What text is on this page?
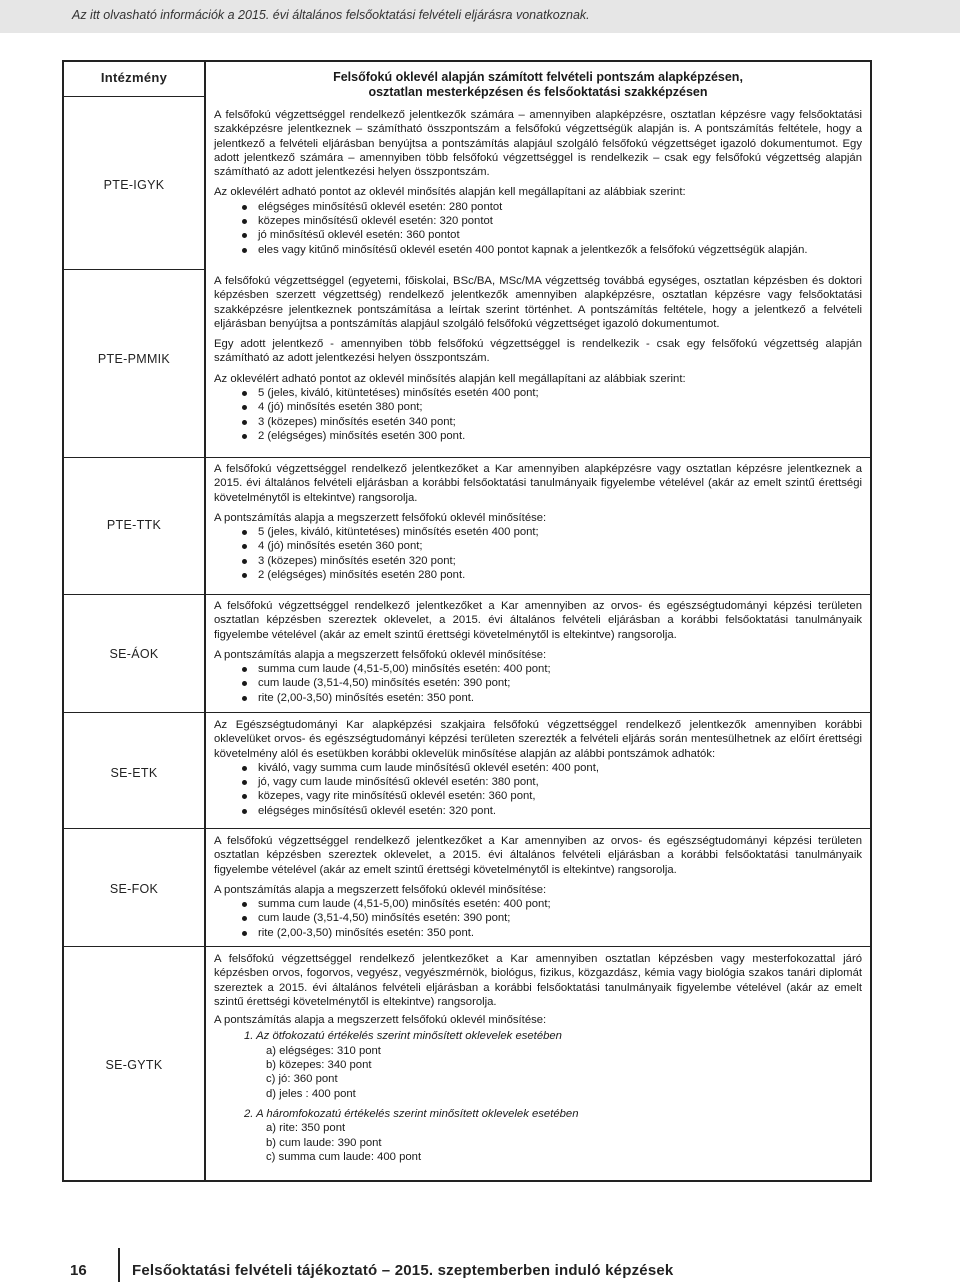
Az itt olvasható információk a 2015. évi általános felsőoktatási felvételi eljárásra vonatkoznak.
Intézmény	Felsőfokú oklevél alapján számított felvételi pontszám alapképzésen,
osztatlan mesterképzésen és felsőoktatási szakképzésen
PTE-IGYK

A felsőfokú végzettséggel rendelkező jelentkezők számára – amennyiben alapképzésre, osztatlan képzésre vagy felsőoktatási szakképzésre jelentkeznek – számítható összpontszám a felsőfokú végzettségük alapján is. A pontszámítás feltétele, hogy a jelentkező a felvételi eljárásban benyújtsa a pontszámítás alapjául szolgáló felsőfokú végzettséget igazoló dokumentumot. Egy adott jelentkező számára – amennyiben több felsőfokú végzettséggel is rendelkezik – csak egy felsőfokú végzettség alapján számítható az adott jelentkezési helyen összpontszám.

Az oklevélért adható pontot az oklevél minősítés alapján kell megállapítani az alábbiak szerint:

elégséges minősítésű oklevél esetén: 280 pontot
közepes minősítésű oklevél esetén: 320 pontot
jó minősítésű oklevél esetén: 360 pontot
eles vagy kitűnő minősítésű oklevél esetén 400 pontot kapnak a jelentkezők a felsőfokú végzettségük alapján.
PTE-PMMIK

A felsőfokú végzettséggel (egyetemi, főiskolai, BSc/BA, MSc/MA végzettség továbbá egységes, osztatlan képzésben és doktori képzésben szerzett végzettség) rendelkező jelentkezők amennyiben alapképzésre, osztatlan képzésre vagy felsőoktatási szakképzésre jelentkeznek pontszámítása a leírtak szerint történhet. A pontszámítás feltétele, hogy a jelentkező a felvételi eljárásban benyújtsa a pontszámítás alapjául szolgáló felsőfokú végzettséget igazoló dokumentumot.

Egy adott jelentkező - amennyiben több felsőfokú végzettséggel is rendelkezik - csak egy felsőfokú végzettség alapján számítható az adott jelentkezési helyen összpontszám.

Az oklevélért adható pontot az oklevél minősítés alapján kell megállapítani az alábbiak szerint:

5 (jeles, kiváló, kitüntetéses) minősítés esetén 400 pont;
4 (jó) minősítés esetén 380 pont;
3 (közepes) minősítés esetén 340 pont;
2 (elégséges) minősítés esetén 300 pont.
PTE-TTK

A felsőfokú végzettséggel rendelkező jelentkezőket a Kar amennyiben alapképzésre vagy osztatlan képzésre jelentkeznek a 2015. évi általános felvételi eljárásban a korábbi felsőoktatási tanulmányaik figyelembe vételével (akár az emelt szintű érettségi követelménytől is eltekintve) rangsorolja.

A pontszámítás alapja a megszerzett felsőfokú oklevél minősítése:

5 (jeles, kiváló, kitüntetéses) minősítés esetén 400 pont;
4 (jó) minősítés esetén 360 pont;
3 (közepes) minősítés esetén 320 pont;
2 (elégséges) minősítés esetén 280 pont.
SE-ÁOK

A felsőfokú végzettséggel rendelkező jelentkezőket a Kar amennyiben az orvos- és egészségtudományi képzési területen osztatlan képzésben szereztek oklevelet, a 2015. évi általános felvételi eljárásban a korábbi felsőoktatási tanulmányaik figyelembe vételével (akár az emelt szintű érettségi követelménytől is eltekintve) rangsorolja.

A pontszámítás alapja a megszerzett felsőfokú oklevél minősítése:

summa cum laude (4,51-5,00) minősítés esetén: 400 pont;
cum laude (3,51-4,50) minősítés esetén: 390 pont;
rite (2,00-3,50) minősítés esetén: 350 pont.
SE-ETK

Az Egészségtudományi Kar alapképzési szakjaira felsőfokú végzettséggel rendelkező jelentkezők amennyiben korábbi oklevelüket orvos- és egészségtudományi képzési területen szerezték a felvételi eljárás során mentesülhetnek az előírt érettségi követelmény alól és esetükben korábbi oklevelük minősítése alapján az alábbi pontszámok adhatók:

kiváló, vagy summa cum laude minősítésű oklevél esetén: 400 pont,
jó, vagy cum laude minősítésű oklevél esetén: 380 pont,
közepes, vagy rite minősítésű oklevél esetén: 360 pont,
elégséges minősítésű oklevél esetén: 320 pont.
SE-FOK

A felsőfokú végzettséggel rendelkező jelentkezőket a Kar amennyiben az orvos- és egészségtudományi képzési területen osztatlan képzésben szereztek oklevelet, a 2015. évi általános felvételi eljárásban a korábbi felsőoktatási tanulmányaik figyelembe vételével (akár az emelt szintű érettségi követelménytől is eltekintve) rangsorolja.

A pontszámítás alapja a megszerzett felsőfokú oklevél minősítése:

summa cum laude (4,51-5,00) minősítés esetén: 400 pont;
cum laude (3,51-4,50) minősítés esetén: 390 pont;
rite (2,00-3,50) minősítés esetén: 350 pont.
SE-GYTK

A felsőfokú végzettséggel rendelkező jelentkezőket a Kar amennyiben osztatlan képzésben vagy mesterfokozattal járó képzésben orvos, fogorvos, vegyész, vegyészmérnök, biológus, fizikus, közgazdász, kémia vagy biológia szakos tanári diplomát szereztek a 2015. évi általános felvételi eljárásban a korábbi felsőoktatási tanulmányaik figyelembe vételével (akár az emelt szintű érettségi követelménytől is eltekintve) rangsorolja.

A pontszámítás alapja a megszerzett felsőfokú oklevél minősítése:

1. Az ötfokozatú értékelés szerint minősített oklevelek esetében
a) elégséges: 310 pont
b) közepes: 340 pont
c) jó: 360 pont
d) jeles : 400 pont
2. A háromfokozatú értékelés szerint minősített oklevelek esetében
a) rite: 350 pont
b) cum laude: 390 pont
c) summa cum laude: 400 pont
16	Felsőoktatási felvételi tájékoztató – 2015. szeptemberben induló képzések
